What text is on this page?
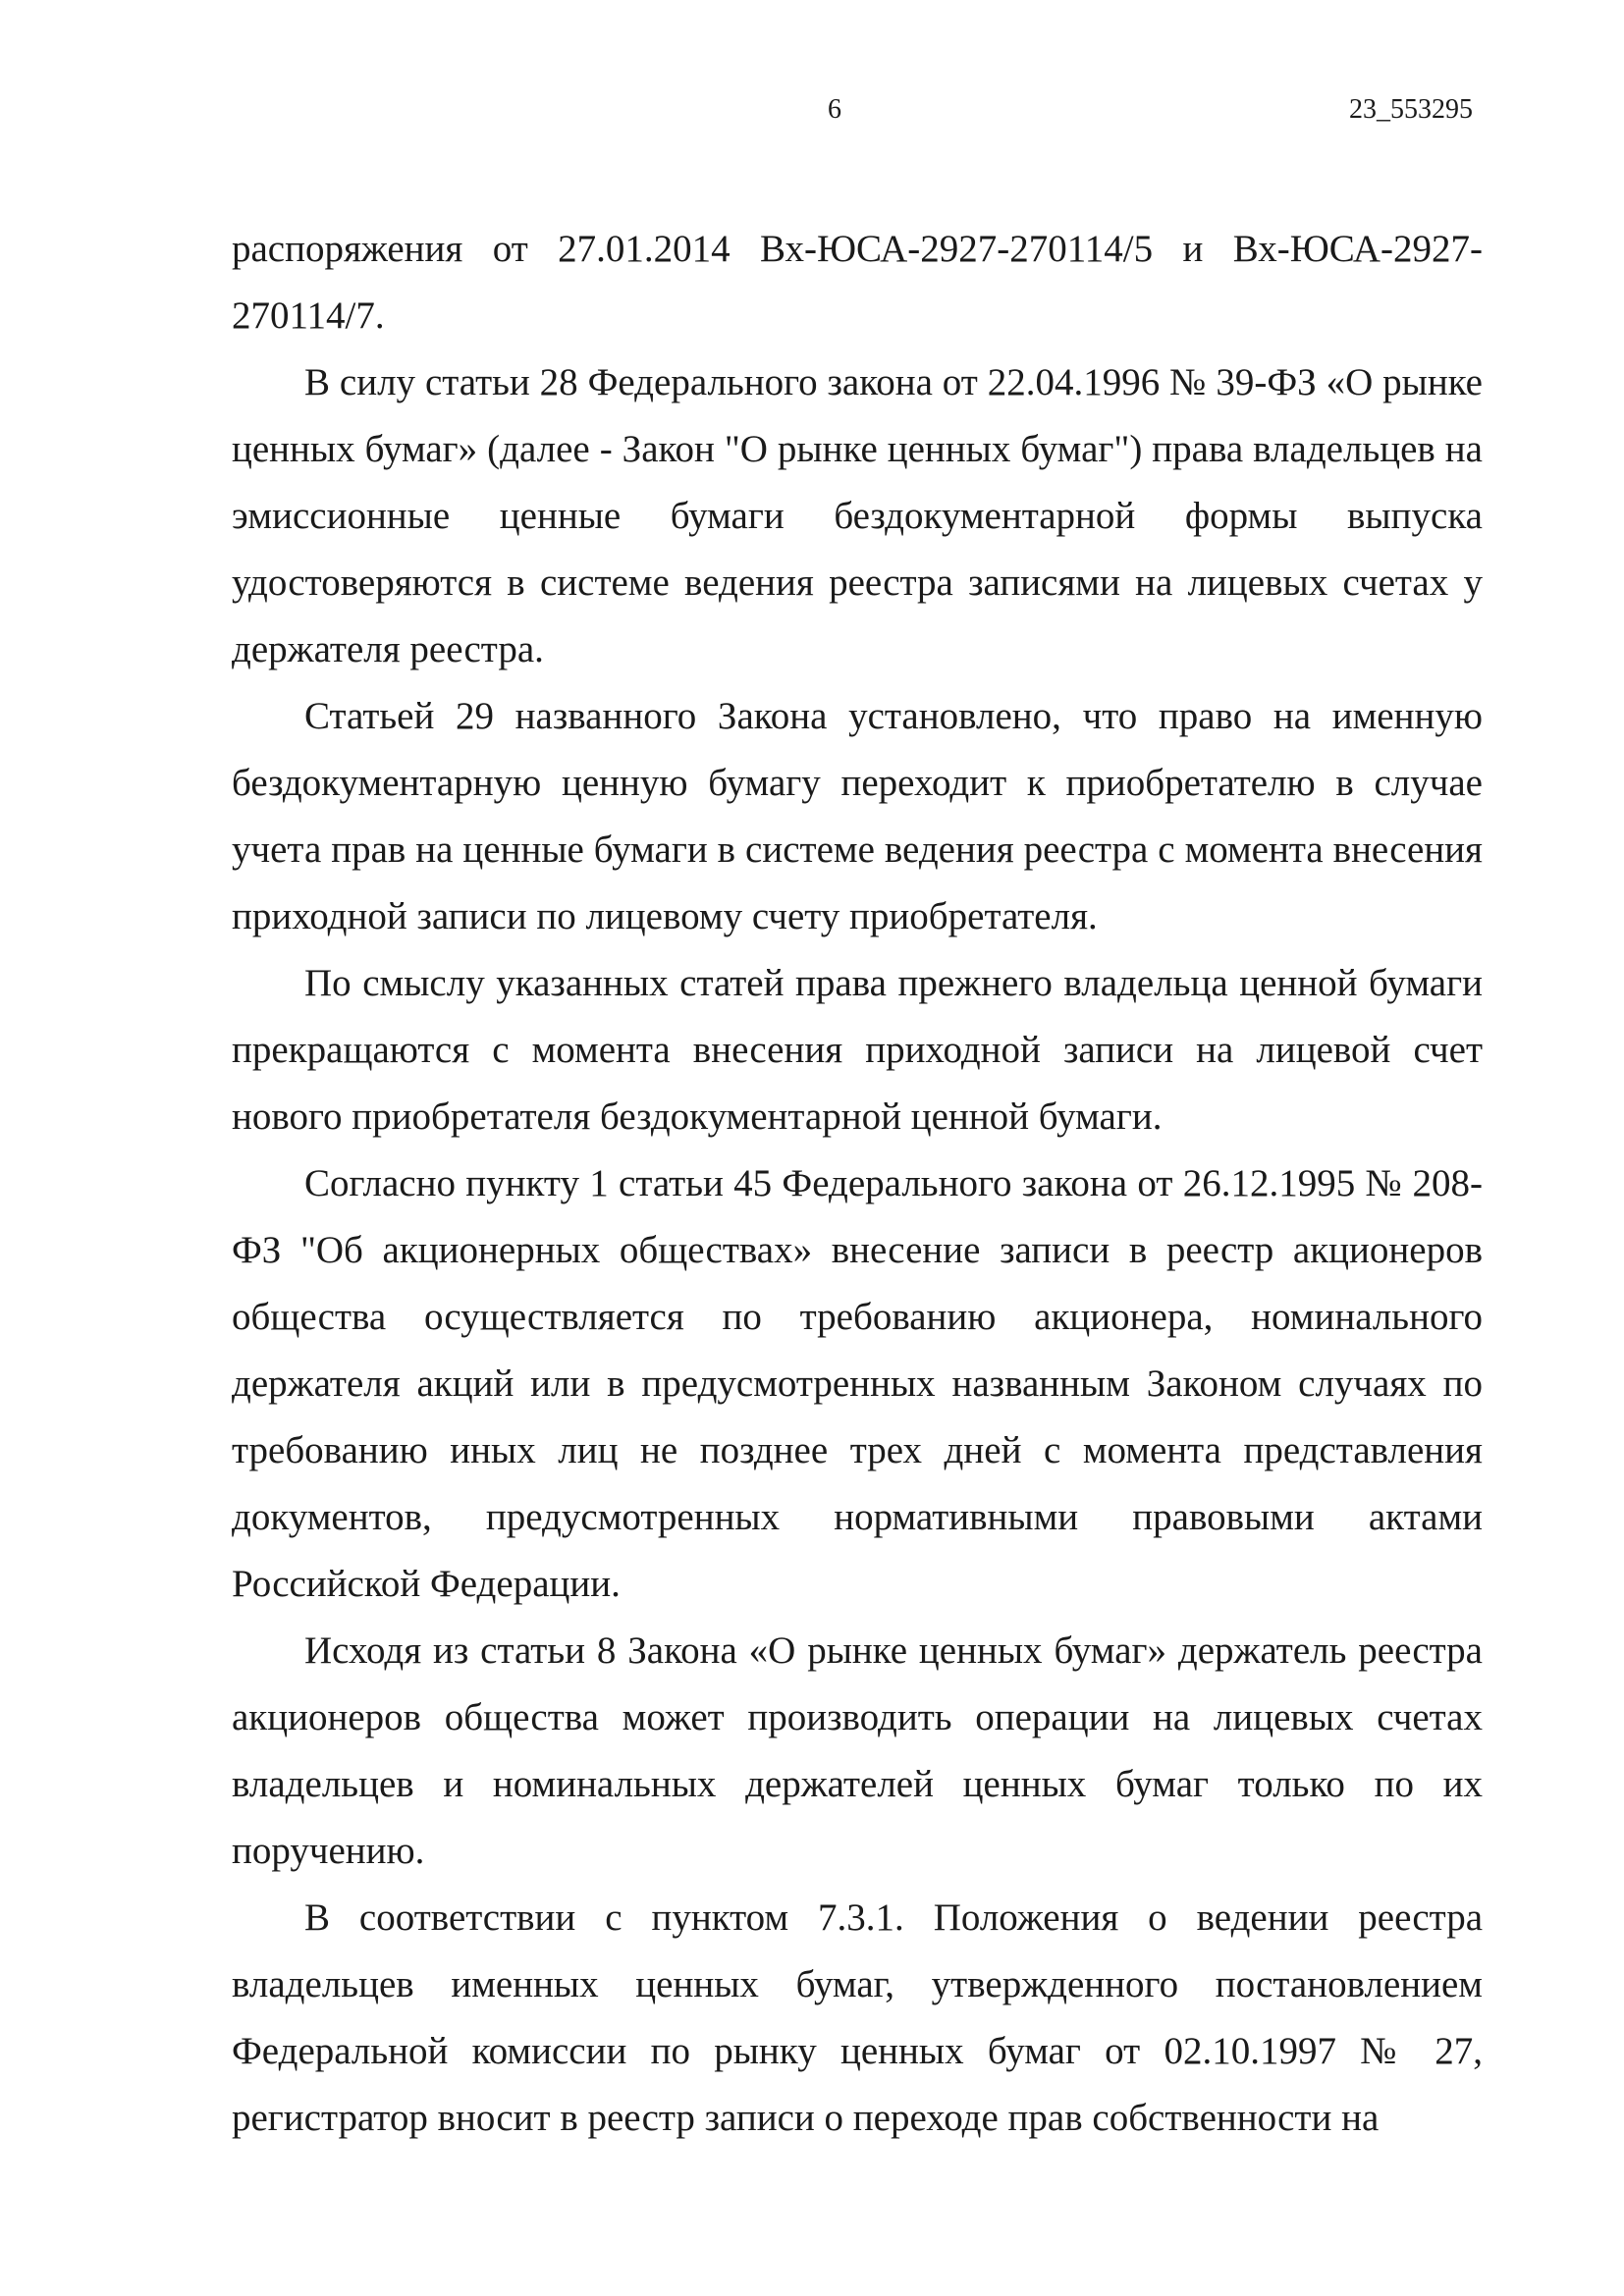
6	23_553295

распоряжения от 27.01.2014 Вх-ЮСА-2927-270114/5 и Вх-ЮСА-2927-270114/7.

В силу статьи 28 Федерального закона от 22.04.1996 № 39-ФЗ «О рынке ценных бумаг» (далее - Закон "О рынке ценных бумаг") права владельцев на эмиссионные ценные бумаги бездокументарной формы выпуска удостоверяются в системе ведения реестра записями на лицевых счетах у держателя реестра.

Статьей 29 названного Закона установлено, что право на именную бездокументарную ценную бумагу переходит к приобретателю в случае учета прав на ценные бумаги в системе ведения реестра с момента внесения приходной записи по лицевому счету приобретателя.

По смыслу указанных статей права прежнего владельца ценной бумаги прекращаются с момента внесения приходной записи на лицевой счет нового приобретателя бездокументарной ценной бумаги.

Согласно пункту 1 статьи 45 Федерального закона от 26.12.1995 № 208-ФЗ "Об акционерных обществах» внесение записи в реестр акционеров общества осуществляется по требованию акционера, номинального держателя акций или в предусмотренных названным Законом случаях по требованию иных лиц не позднее трех дней с момента представления документов, предусмотренных нормативными правовыми актами Российской Федерации.

Исходя из статьи 8 Закона «О рынке ценных бумаг» держатель реестра акционеров общества может производить операции на лицевых счетах владельцев и номинальных держателей ценных бумаг только по их поручению.

В соответствии с пунктом 7.3.1. Положения о ведении реестра владельцев именных ценных бумаг, утвержденного постановлением Федеральной комиссии по рынку ценных бумаг от 02.10.1997 № 27, регистратор вносит в реестр записи о переходе прав собственности на
